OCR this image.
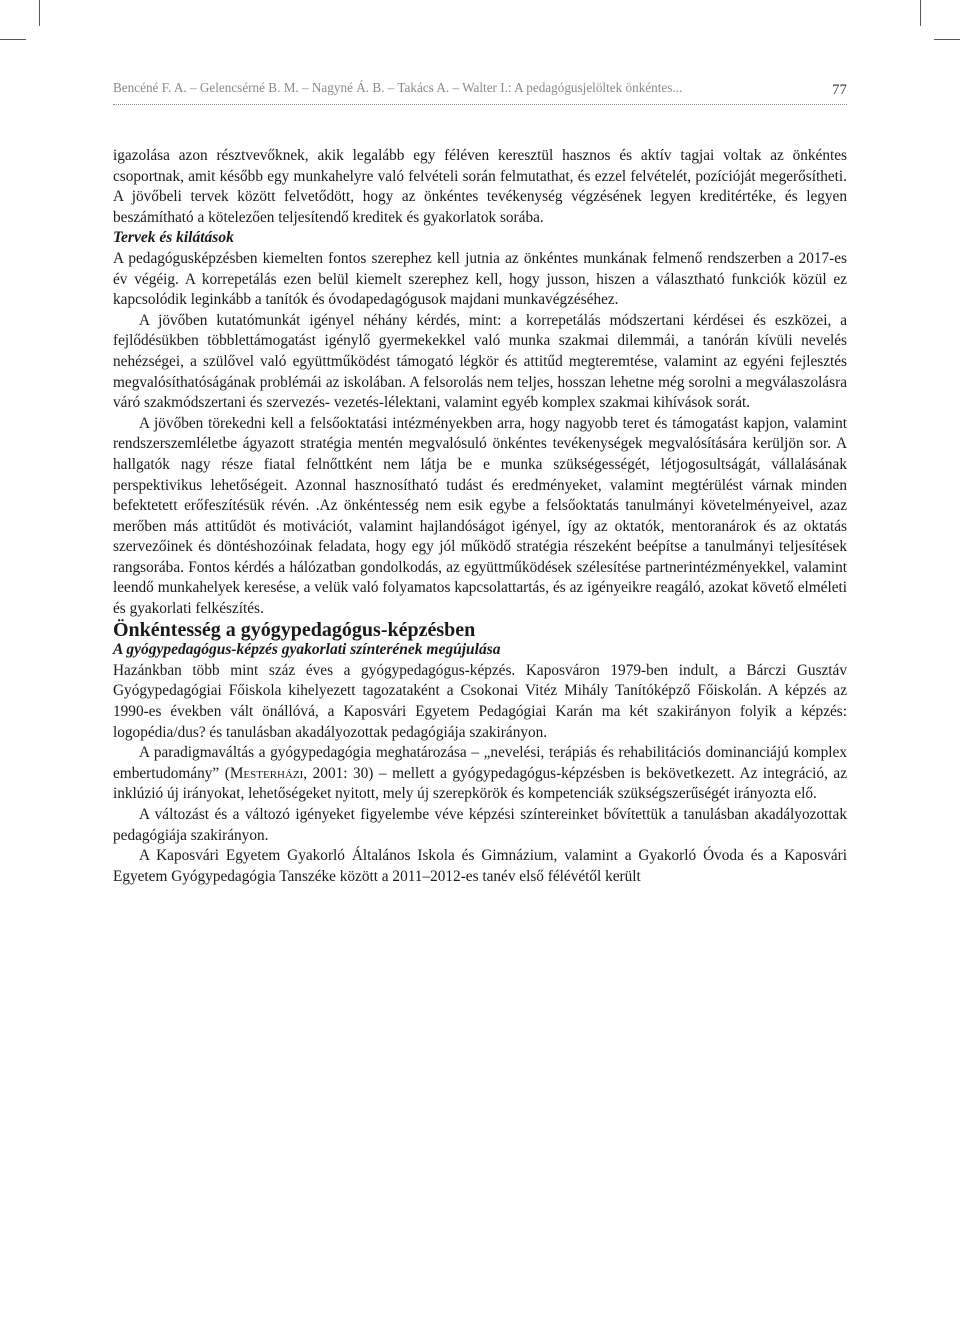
Bencéné F. A. – Gelencsérné B. M. – Nagyné Á. B. – Takács A. – Walter I.: A pedagógusjelöltek önkéntes...	77

igazolása azon résztvevőknek, akik legalább egy féléven keresztül hasznos és aktív tagjai voltak az önkéntes csoportnak, amit később egy munkahelyre való felvételi során felmutathat, és ezzel felvételét, pozícióját megerősítheti. A jövőbeli tervek között felvetődött, hogy az önkéntes tevékenység végzésének legyen kreditértéke, és legyen beszámítható a kötelezően teljesítendő kreditek és gyakorlatok sorába.

Tervek és kilátások

A pedagógusképzésben kiemelten fontos szerephez kell jutnia az önkéntes munkának felmenő rendszerben a 2017-es év végéig. A korrepetálás ezen belül kiemelt szerephez kell, hogy jusson, hiszen a választható funkciók közül ez kapcsolódik leginkább a tanítók és óvodapedagógusok majdani munkavégzéséhez.

A jövőben kutatómunkát igényel néhány kérdés, mint: a korrepetálás módszertani kérdései és eszközei, a fejlődésükben többlettámogatást igénylő gyermekekkel való munka szakmai dilemmái, a tanórán kívüli nevelés nehézségei, a szülővel való együttműködést támogató légkör és attitűd megteremtése, valamint az egyéni fejlesztés megvalósíthatóságának problémái az iskolában. A felsorolás nem teljes, hosszan lehetne még sorolni a megválaszolásra váró szakmódszertani és szervezés- vezetés-lélektani, valamint egyéb komplex szakmai kihívások sorát.

A jövőben törekedni kell a felsőoktatási intézményekben arra, hogy nagyobb teret és támogatást kapjon, valamint rendszerszemléletbe ágyazott stratégia mentén megvalósuló önkéntes tevékenységek megvalósítására kerüljön sor. A hallgatók nagy része fiatal felnőttként nem látja be e munka szükségességét, létjogosultságát, vállalásának perspektivikus lehetőségeit. Azonnal hasznosítható tudást és eredményeket, valamint megtérülést várnak minden befektetett erőfeszítésük révén. .Az önkéntesség nem esik egybe a felsőoktatás tanulmányi követelményeivel, azaz merőben más attitűdöt és motivációt, valamint hajlandóságot igényel, így az oktatók, mentoranárok és az oktatás szervezőinek és döntéshozóinak feladata, hogy egy jól működő stratégia részeként beépítse a tanulmányi teljesítések rangsorába. Fontos kérdés a hálózatban gondolkodás, az együttműködések szélesítése partnerintézményekkel, valamint leendő munkahelyek keresése, a velük való folyamatos kapcsolattartás, és az igényeikre reagáló, azokat követő elméleti és gyakorlati felkészítés.

Önkéntesség a gyógypedagógus-képzésben

A gyógypedagógus-képzés gyakorlati színterének megújulása

Hazánkban több mint száz éves a gyógypedagógus-képzés. Kaposváron 1979-ben indult, a Bárczi Gusztáv Gyógypedagógiai Főiskola kihelyezett tagozataként a Csokonai Vitéz Mihály Tanítóképző Főiskolán. A képzés az 1990-es években vált önállóvá, a Kaposvári Egyetem Pedagógiai Karán ma két szakirányon folyik a képzés: logopédia/dus? és tanulásban akadályozottak pedagógiája szakirányon.

A paradigmaváltás a gyógypedagógia meghatározása – „nevelési, terápiás és rehabilitációs dominanciájú komplex embertudomány” (Mesterházi, 2001: 30) – mellett a gyógypedagógus-képzésben is bekövetkezett. Az integráció, az inklúzió új irányokat, lehetőségeket nyitott, mely új szerepkörök és kompetenciák szükségszerűségét irányozta elő.

A változást és a változó igényeket figyelembe véve képzési színtereinket bővítettük a tanulásban akadályozottak pedagógiája szakirányon.

A Kaposvári Egyetem Gyakorló Általános Iskola és Gimnázium, valamint a Gyakorló Óvoda és a Kaposvári Egyetem Gyógypedagógia Tanszéke között a 2011–2012-es tanév első félévétől került
